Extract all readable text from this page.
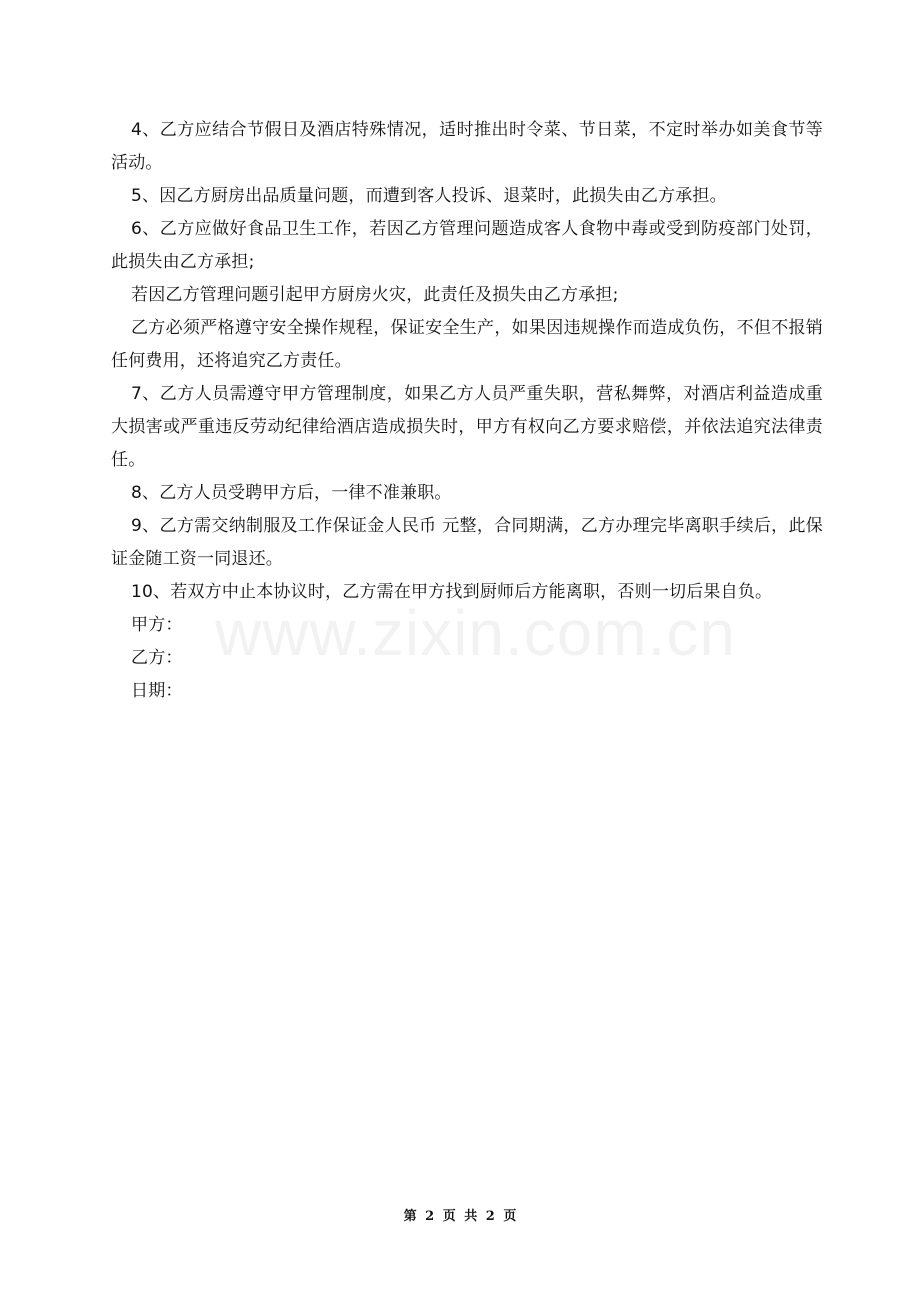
www.zixin.com.cn

4、乙方应结合节假日及酒店特殊情况，适时推出时令菜、节日菜，不定时举办如美食节等活动。

5、因乙方厨房出品质量问题，而遭到客人投诉、退菜时，此损失由乙方承担。

6、乙方应做好食品卫生工作，若因乙方管理问题造成客人食物中毒或受到防疫部门处罚，此损失由乙方承担;

若因乙方管理问题引起甲方厨房火灾，此责任及损失由乙方承担;

乙方必须严格遵守安全操作规程，保证安全生产，如果因违规操作而造成负伤，不但不报销任何费用，还将追究乙方责任。

7、乙方人员需遵守甲方管理制度，如果乙方人员严重失职，营私舞弊，对酒店利益造成重大损害或严重违反劳动纪律给酒店造成损失时，甲方有权向乙方要求赔偿，并依法追究法律责任。

8、乙方人员受聘甲方后，一律不准兼职。

9、乙方需交纳制服及工作保证金人民币 元整，合同期满，乙方办理完毕离职手续后，此保证金随工资一同退还。

10、若双方中止本协议时，乙方需在甲方找到厨师后方能离职，否则一切后果自负。

甲方：

乙方：

日期：

第 2 页 共 2 页
